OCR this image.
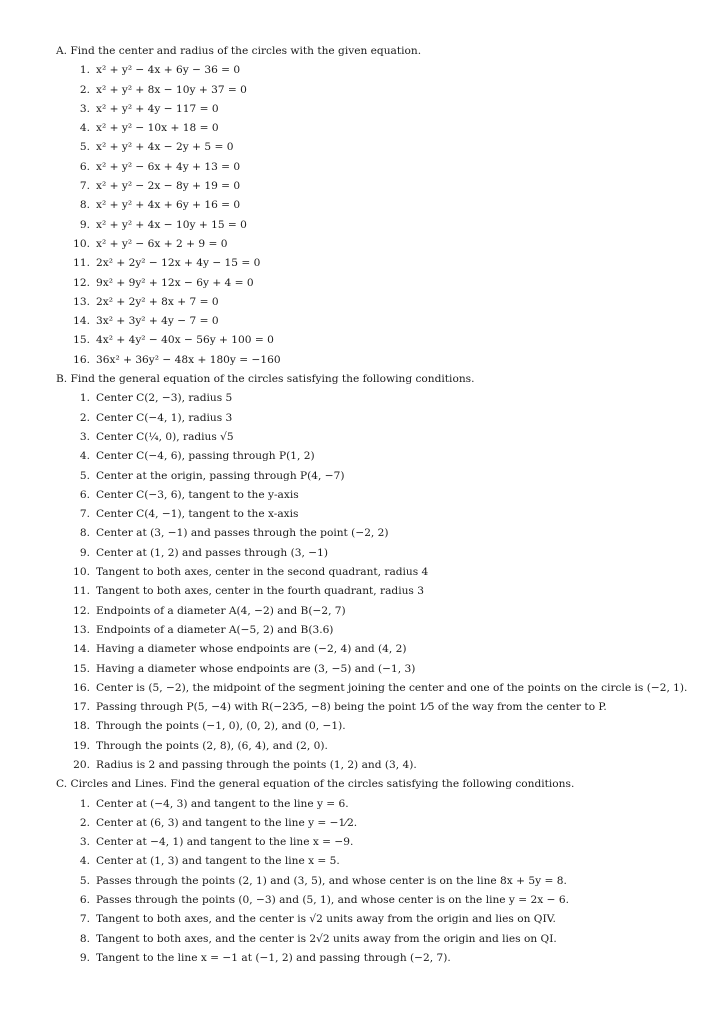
A. Find the center and radius of the circles with the given equation.
1. x² + y² − 4x + 6y − 36 = 0
2. x² + y² + 8x − 10y + 37 = 0
3. x² + y² + 4y − 117 = 0
4. x² + y² − 10x + 18 = 0
5. x² + y² + 4x − 2y + 5 = 0
6. x² + y² − 6x + 4y + 13 = 0
7. x² + y² − 2x − 8y + 19 = 0
8. x² + y² + 4x + 6y + 16 = 0
9. x² + y² + 4x − 10y + 15 = 0
10. x² + y² − 6x + 2 + 9 = 0
11. 2x² + 2y² − 12x + 4y − 15 = 0
12. 9x² + 9y² + 12x − 6y + 4 = 0
13. 2x² + 2y² + 8x + 7 = 0
14. 3x² + 3y² + 4y − 7 = 0
15. 4x² + 4y² − 40x − 56y + 100 = 0
16. 36x² + 36y² − 48x + 180y = −160
B. Find the general equation of the circles satisfying the following conditions.
1. Center C(2, −3), radius 5
2. Center C(−4, 1), radius 3
3. Center C(¼, 0), radius √5
4. Center C(−4, 6), passing through P(1, 2)
5. Center at the origin, passing through P(4, −7)
6. Center C(−3, 6), tangent to the y-axis
7. Center C(4, −1), tangent to the x-axis
8. Center at (3, −1) and passes through the point (−2, 2)
9. Center at (1, 2) and passes through (3, −1)
10. Tangent to both axes, center in the second quadrant, radius 4
11. Tangent to both axes, center in the fourth quadrant, radius 3
12. Endpoints of a diameter A(4, −2) and B(−2, 7)
13. Endpoints of a diameter A(−5, 2) and B(3.6)
14. Having a diameter whose endpoints are (−2, 4) and (4, 2)
15. Having a diameter whose endpoints are (3, −5) and (−1, 3)
16. Center is (5, −2), the midpoint of the segment joining the center and one of the points on the circle is (−2, 1).
17. Passing through P(5, −4) with R(−23⁄5, −8) being the point 1⁄5 of the way from the center to P.
18. Through the points (−1, 0), (0, 2), and (0, −1).
19. Through the points (2, 8), (6, 4), and (2, 0).
20. Radius is 2 and passing through the points (1, 2) and (3, 4).
C. Circles and Lines. Find the general equation of the circles satisfying the following conditions.
1. Center at (−4, 3) and tangent to the line y = 6.
2. Center at (6, 3) and tangent to the line y = −1⁄2.
3. Center at −4, 1) and tangent to the line x = −9.
4. Center at (1, 3) and tangent to the line x = 5.
5. Passes through the points (2, 1) and (3, 5), and whose center is on the line 8x + 5y = 8.
6. Passes through the points (0, −3) and (5, 1), and whose center is on the line y = 2x − 6.
7. Tangent to both axes, and the center is √2 units away from the origin and lies on QIV.
8. Tangent to both axes, and the center is 2√2 units away from the origin and lies on QI.
9. Tangent to the line x = −1 at (−1, 2) and passing through (−2, 7).
